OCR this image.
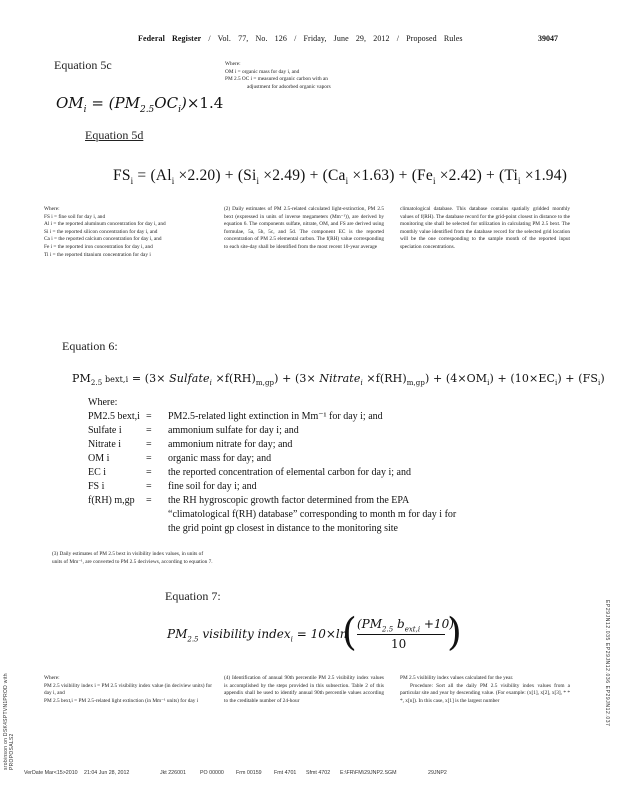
Federal Register / Vol. 77, No. 126 / Friday, June 29, 2012 / Proposed Rules	39047
Equation 5c	Where:

OM i = organic mass for day i, and

PM 2.5 OC i = measured organic carbon with an

adjustment for adsorbed organic vapors

$OM_i = (PM_{2.5}OC_i)\times 1.4$
Equation 5d
$FS_i = (Al_i \times 2.20) + (Si_i \times 2.49) + (Ca_i \times 1.63) + (Fe_i \times 2.42) + (Ti_i \times 1.94)$

Where:

FS i = fine soil for day i, and

Al i = the reported aluminum concentration for day i, and

Si i = the reported silicon concentration for day i, and

Ca i = the reported calcium concentration for day i, and

Fe i = the reported iron concentration for day i, and

Ti i = the reported titanium concentration for day i

(2) Daily estimates of PM 2.5-related calculated light-extinction, PM 2.5 bext (expressed in units of inverse megameters (Mm⁻¹)), are derived by equation 6. The components sulfate, nitrate, OM, and FS are derived using formulae, 5a, 5b, 5c, and 5d. The component EC is the reported concentration of PM 2.5 elemental carbon. The f(RH) value corresponding to each site-day shall be identified from the most recent 10-year average

climatological database. This database contains spatially gridded monthly values of f(RH). The database record for the grid-point closest in distance to the monitoring site shall be selected for utilization in calculating PM 2.5 bext. The monthly value identified from the database record for the selected grid location will be the one corresponding to the sample month of the reported input speciation concentrations.

Equation 6:
$PM_{2.5}$ bext,i = (3× Sulfate$_i$ $\times f(RH)_{m,gp}) + (3\times$ Nitrate$_i$ $\times f(RH)_{m,gp}) + (4\times OM_i) + (10\times EC_i) + (FS_i)$
Where:
PM2.5 bext,i = PM2.5-related light extinction in Mm⁻¹ for day i; and
Sulfate i = ammonium sulfate for day i; and
Nitrate i = ammonium nitrate for day; and
OM i	= organic mass for day; and
EC i	= the reported concentration of elemental carbon for day i; and
FS i	= fine soil for day i; and
f(RH) m,gp = the RH hygroscopic growth factor determined from the EPA
“climatological f(RH) database” corresponding to month m for day i for
the grid point gp closest in distance to the monitoring site

(3) Daily estimates of PM 2.5 bext in visibility index values, in units of

units of Mm⁻¹, are converted to PM 2.5 deciviews, according to equation 7.

Equation 7:
$PM_{2.5}$ visibility index$_i$ = 10×ln
( ($PM_{2.5}$ $b_{ext,i} +10$)
10 )

Where:

PM 2.5 visibility index i = PM 2.5 visibility index value (in deciview units) for day i, and

PM 2.5 bext,i = PM 2.5-related light extinction (in Mm⁻¹ units) for day i

(4) Identification of annual 90th percentile PM 2.5 visibility index values is accomplished by the steps provided in this subsection. Table 2 of this appendix shall be used to identify annual 90th percentile values according to the creditable number of 24-hour

PM 2.5 visibility index values calculated for the year.

Procedure: Sort all the daily PM 2.5 visibility index values from a particular site and year by descending value. (For example: (x[1], x[2], x[3], * * *, x[n]). In this case, x[1] is the largest number

VerDate Mar<15>2010 21:04 Jun 28, 2012	Jkt 226001	PO 00000 Frm 00159 Fmt 4701 Sfmt 4702 E:\FR\FM\29JNP2.SGM	29JNP2
srobinson on DSK4SPTVN1PROD with PROPOSALS2
EP29JN12.035 EP29JN12.036 EP29JN12.037
